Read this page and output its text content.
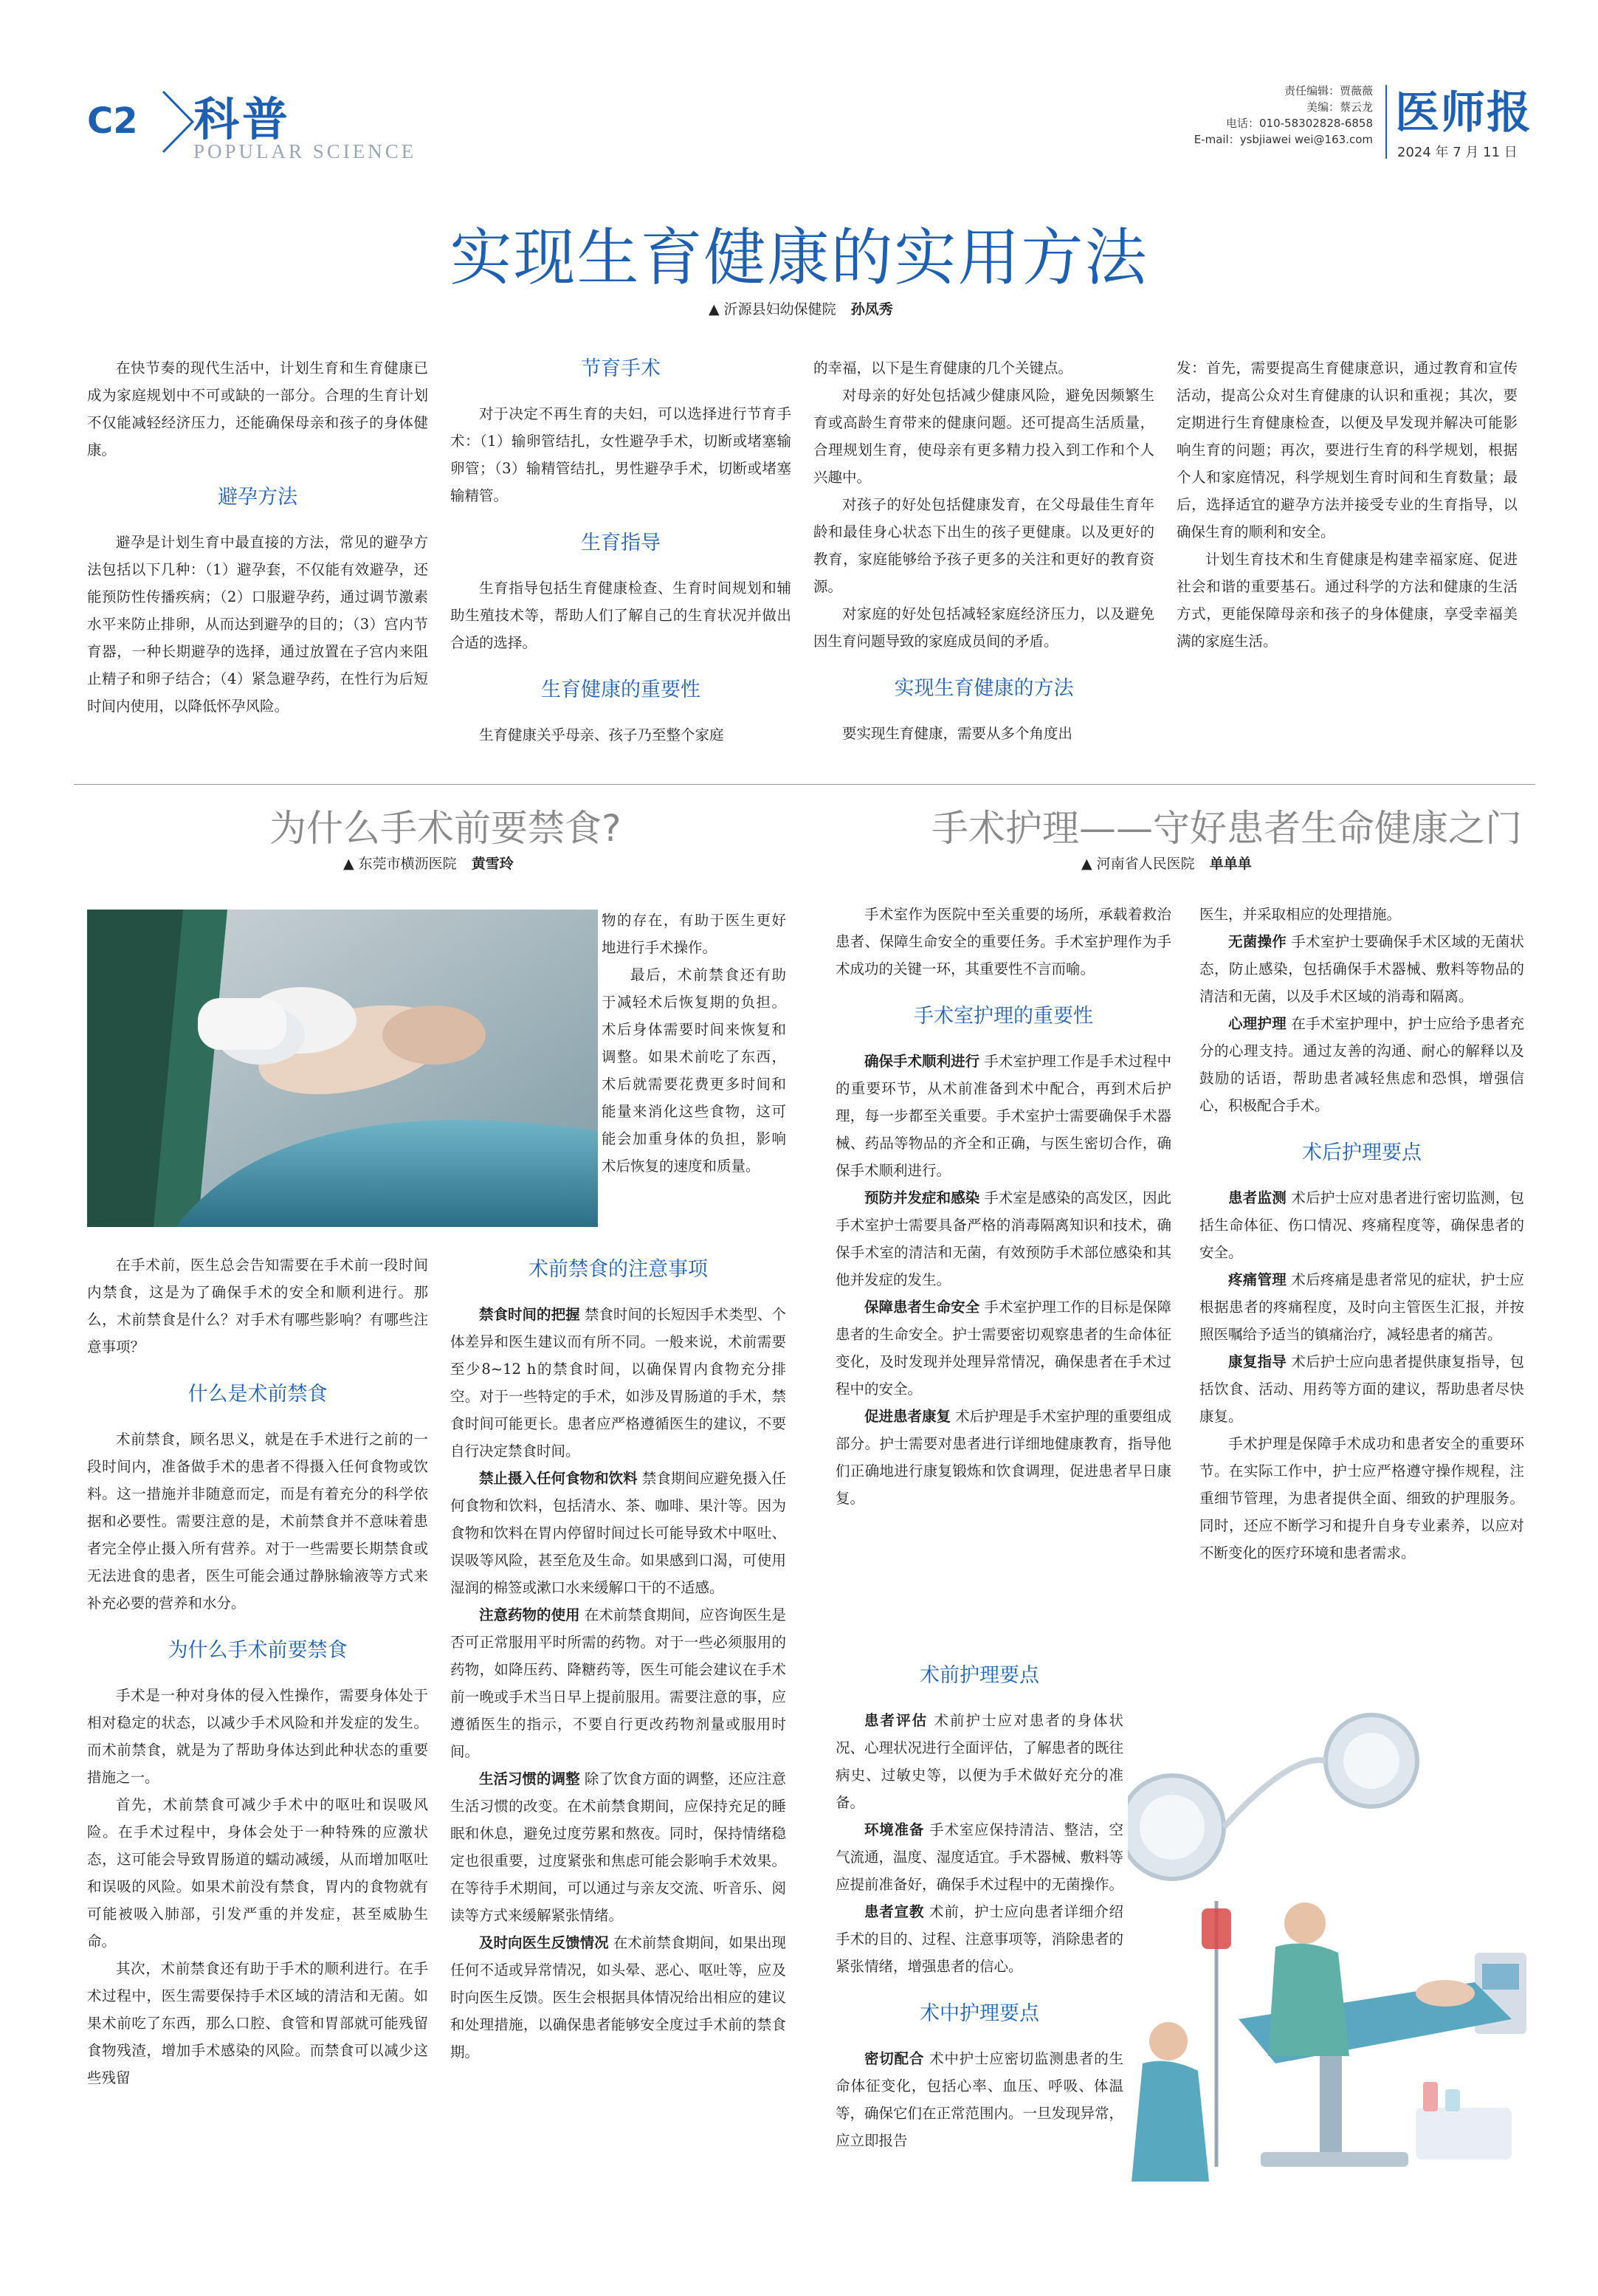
C2 科普
POPULAR SCIENCE
责任编辑：贾薇薇
美编：蔡云龙
电话：010-58302828-6858
E-mail：ysbjiawei wei@163.com
医师报
2024 年 7 月 11 日
实现生育健康的实用方法
▲ 沂源县妇幼保健院 孙凤秀

在快节奏的现代生活中，计划生育和生育健康已成为家庭规划中不可或缺的一部分。合理的生育计划不仅能减轻经济压力，还能确保母亲和孩子的身体健康。

避孕方法

避孕是计划生育中最直接的方法，常见的避孕方法包括以下几种：（1）避孕套，不仅能有效避孕，还能预防性传播疾病；（2）口服避孕药，通过调节激素水平来防止排卵，从而达到避孕的目的；（3）宫内节育器，一种长期避孕的选择，通过放置在子宫内来阻止精子和卵子结合；（4）紧急避孕药，在性行为后短时间内使用，以降低怀孕风险。

节育手术

对于决定不再生育的夫妇，可以选择进行节育手术：（1）输卵管结扎，女性避孕手术，切断或堵塞输卵管；（3）输精管结扎，男性避孕手术，切断或堵塞输精管。

生育指导

生育指导包括生育健康检查、生育时间规划和辅助生殖技术等，帮助人们了解自己的生育状况并做出合适的选择。

生育健康的重要性

生育健康关乎母亲、孩子乃至整个家庭

的幸福，以下是生育健康的几个关键点。

对母亲的好处包括减少健康风险，避免因频繁生育或高龄生育带来的健康问题。还可提高生活质量，合理规划生育，使母亲有更多精力投入到工作和个人兴趣中。

对孩子的好处包括健康发育，在父母最佳生育年龄和最佳身心状态下出生的孩子更健康。以及更好的教育，家庭能够给予孩子更多的关注和更好的教育资源。

对家庭的好处包括减轻家庭经济压力，以及避免因生育问题导致的家庭成员间的矛盾。

实现生育健康的方法

要实现生育健康，需要从多个角度出

发：首先，需要提高生育健康意识，通过教育和宣传活动，提高公众对生育健康的认识和重视；其次，要定期进行生育健康检查，以便及早发现并解决可能影响生育的问题；再次，要进行生育的科学规划，根据个人和家庭情况，科学规划生育时间和生育数量；最后，选择适宜的避孕方法并接受专业的生育指导，以确保生育的顺利和安全。

计划生育技术和生育健康是构建幸福家庭、促进社会和谐的重要基石。通过科学的方法和健康的生活方式，更能保障母亲和孩子的身体健康，享受幸福美满的家庭生活。

为什么手术前要禁食?
▲ 东莞市横沥医院 黄雪玲

物的存在，有助于医生更好地进行手术操作。

最后，术前禁食还有助于减轻术后恢复期的负担。术后身体需要时间来恢复和调整。如果术前吃了东西，术后就需要花费更多时间和能量来消化这些食物，这可能会加重身体的负担，影响术后恢复的速度和质量。

在手术前，医生总会告知需要在手术前一段时间内禁食，这是为了确保手术的安全和顺利进行。那么，术前禁食是什么？对手术有哪些影响？有哪些注意事项？

什么是术前禁食

术前禁食，顾名思义，就是在手术进行之前的一段时间内，准备做手术的患者不得摄入任何食物或饮料。这一措施并非随意而定，而是有着充分的科学依据和必要性。需要注意的是，术前禁食并不意味着患者完全停止摄入所有营养。对于一些需要长期禁食或无法进食的患者，医生可能会通过静脉输液等方式来补充必要的营养和水分。

为什么手术前要禁食

手术是一种对身体的侵入性操作，需要身体处于相对稳定的状态，以减少手术风险和并发症的发生。而术前禁食，就是为了帮助身体达到此种状态的重要措施之一。

首先，术前禁食可减少手术中的呕吐和误吸风险。在手术过程中，身体会处于一种特殊的应激状态，这可能会导致胃肠道的蠕动减缓，从而增加呕吐和误吸的风险。如果术前没有禁食，胃内的食物就有可能被吸入肺部，引发严重的并发症，甚至威胁生命。

其次，术前禁食还有助于手术的顺利进行。在手术过程中，医生需要保持手术区域的清洁和无菌。如果术前吃了东西，那么口腔、食管和胃部就可能残留食物残渣，增加手术感染的风险。而禁食可以减少这些残留

术前禁食的注意事项

禁食时间的把握 禁食时间的长短因手术类型、个体差异和医生建议而有所不同。一般来说，术前需要至少8~12 h的禁食时间，以确保胃内食物充分排空。对于一些特定的手术，如涉及胃肠道的手术，禁食时间可能更长。患者应严格遵循医生的建议，不要自行决定禁食时间。

禁止摄入任何食物和饮料 禁食期间应避免摄入任何食物和饮料，包括清水、茶、咖啡、果汁等。因为食物和饮料在胃内停留时间过长可能导致术中呕吐、误吸等风险，甚至危及生命。如果感到口渴，可使用湿润的棉签或漱口水来缓解口干的不适感。

注意药物的使用 在术前禁食期间，应咨询医生是否可正常服用平时所需的药物。对于一些必须服用的药物，如降压药、降糖药等，医生可能会建议在手术前一晚或手术当日早上提前服用。需要注意的事，应遵循医生的指示，不要自行更改药物剂量或服用时间。

生活习惯的调整 除了饮食方面的调整，还应注意生活习惯的改变。在术前禁食期间，应保持充足的睡眠和休息，避免过度劳累和熬夜。同时，保持情绪稳定也很重要，过度紧张和焦虑可能会影响手术效果。在等待手术期间，可以通过与亲友交流、听音乐、阅读等方式来缓解紧张情绪。

及时向医生反馈情况 在术前禁食期间，如果出现任何不适或异常情况，如头晕、恶心、呕吐等，应及时向医生反馈。医生会根据具体情况给出相应的建议和处理措施，以确保患者能够安全度过手术前的禁食期。

手术护理——守好患者生命健康之门
▲ 河南省人民医院 单单单

手术室作为医院中至关重要的场所，承载着救治患者、保障生命安全的重要任务。手术室护理作为手术成功的关键一环，其重要性不言而喻。

手术室护理的重要性

确保手术顺利进行 手术室护理工作是手术过程中的重要环节，从术前准备到术中配合，再到术后护理，每一步都至关重要。手术室护士需要确保手术器械、药品等物品的齐全和正确，与医生密切合作，确保手术顺利进行。

预防并发症和感染 手术室是感染的高发区，因此手术室护士需要具备严格的消毒隔离知识和技术，确保手术室的清洁和无菌，有效预防手术部位感染和其他并发症的发生。

保障患者生命安全 手术室护理工作的目标是保障患者的生命安全。护士需要密切观察患者的生命体征变化，及时发现并处理异常情况，确保患者在手术过程中的安全。

促进患者康复 术后护理是手术室护理的重要组成部分。护士需要对患者进行详细地健康教育，指导他们正确地进行康复锻炼和饮食调理，促进患者早日康复。

术前护理要点

患者评估 术前护士应对患者的身体状况、心理状况进行全面评估，了解患者的既往病史、过敏史等，以便为手术做好充分的准备。

环境准备 手术室应保持清洁、整洁，空气流通，温度、湿度适宜。手术器械、敷料等应提前准备好，确保手术过程中的无菌操作。

患者宣教 术前，护士应向患者详细介绍手术的目的、过程、注意事项等，消除患者的紧张情绪，增强患者的信心。

术中护理要点

密切配合 术中护士应密切监测患者的生命体征变化，包括心率、血压、呼吸、体温等，确保它们在正常范围内。一旦发现异常，应立即报告

医生，并采取相应的处理措施。

无菌操作 手术室护士要确保手术区域的无菌状态，防止感染，包括确保手术器械、敷料等物品的清洁和无菌，以及手术区域的消毒和隔离。

心理护理 在手术室护理中，护士应给予患者充分的心理支持。通过友善的沟通、耐心的解释以及鼓励的话语，帮助患者减轻焦虑和恐惧，增强信心，积极配合手术。

术后护理要点

患者监测 术后护士应对患者进行密切监测，包括生命体征、伤口情况、疼痛程度等，确保患者的安全。

疼痛管理 术后疼痛是患者常见的症状，护士应根据患者的疼痛程度，及时向主管医生汇报，并按照医嘱给予适当的镇痛治疗，减轻患者的痛苦。

康复指导 术后护士应向患者提供康复指导，包括饮食、活动、用药等方面的建议，帮助患者尽快康复。

手术护理是保障手术成功和患者安全的重要环节。在实际工作中，护士应严格遵守操作规程，注重细节管理，为患者提供全面、细致的护理服务。同时，还应不断学习和提升自身专业素养，以应对不断变化的医疗环境和患者需求。
